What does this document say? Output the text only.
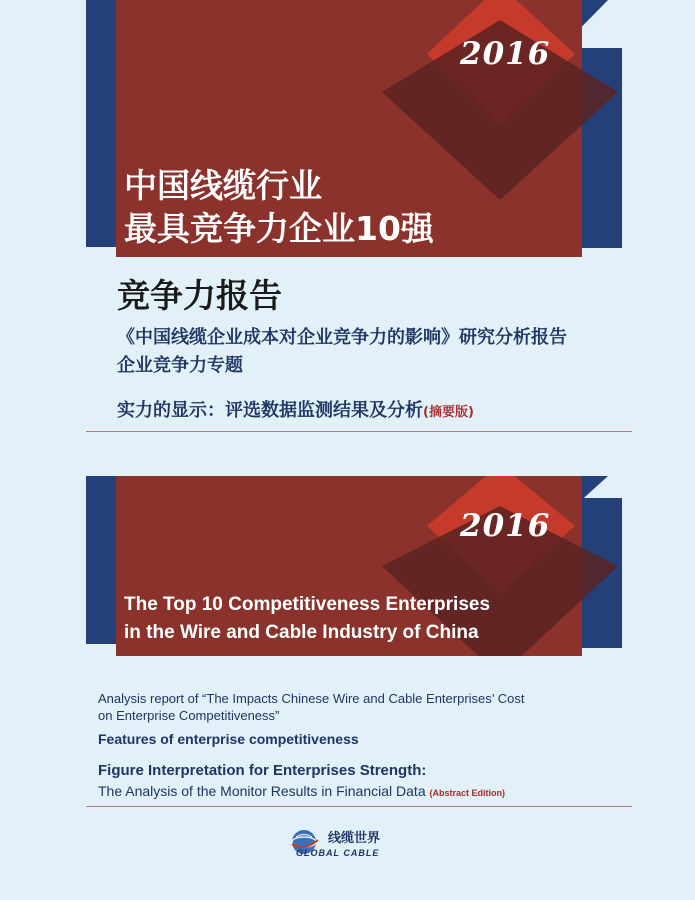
2016
中国线缆行业
最具竞争力企业10强
竞争力报告
《中国线缆企业成本对企业竞争力的影响》研究分析报告
企业竞争力专题
实力的显示：评选数据监测结果及分析(摘要版)
2016
The Top 10 Competitiveness Enterprises
in the Wire and Cable Industry of China
Analysis report of “The Impacts Chinese Wire and Cable Enterprises’ Cost
on Enterprise Competitiveness”
Features of enterprise competitiveness
Figure Interpretation for Enterprises Strength:
The Analysis of the Monitor Results in Financial Data (Abstract Edition)
线缆世界
GLOBAL CABLE
